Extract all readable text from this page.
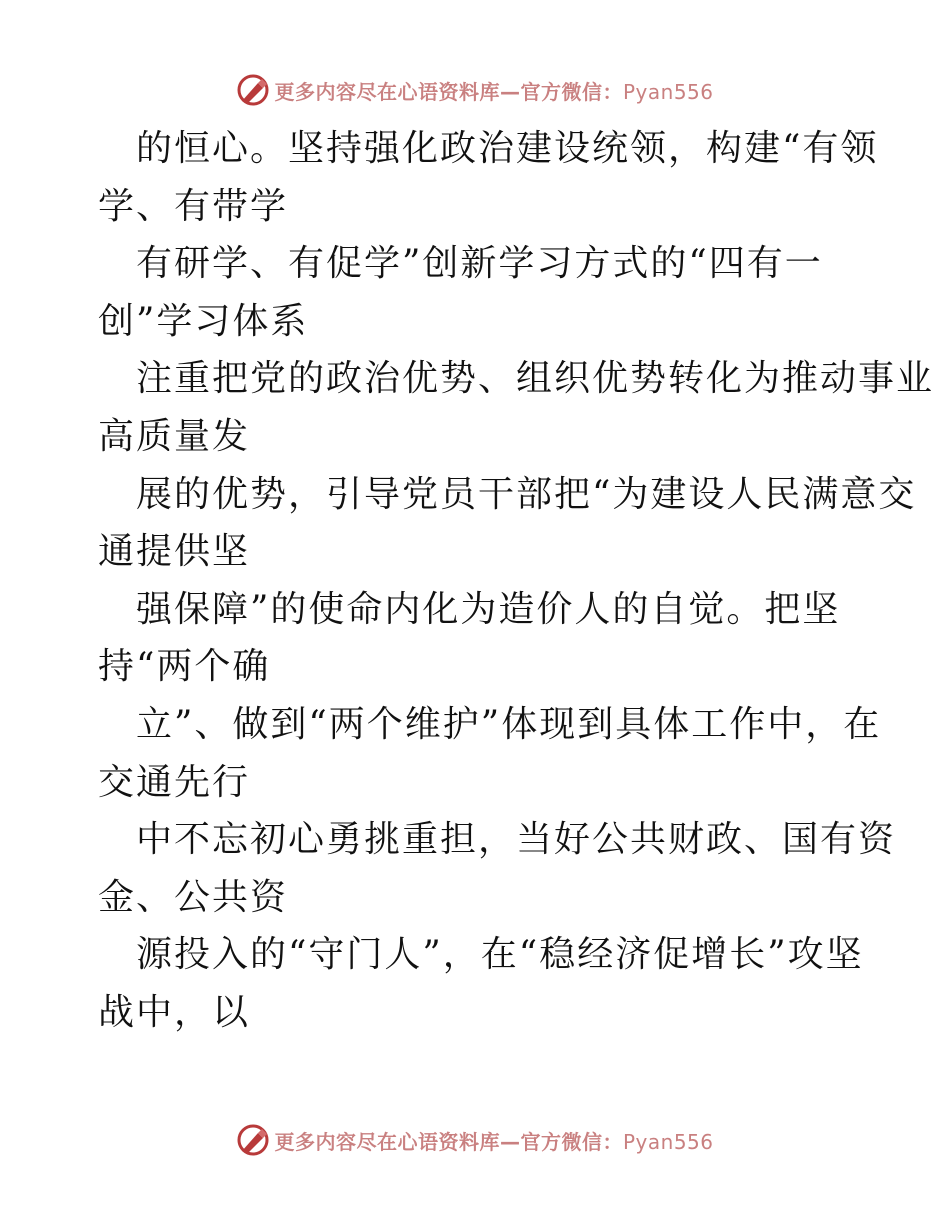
更多内容尽在心语资料库—官方微信：Pyan556
的恒心。坚持强化政治建设统领，构建“有领
学、有带学
有研学、有促学”创新学习方式的“四有一
创”学习体系
注重把党的政治优势、组织优势转化为推动事业
高质量发
展的优势，引导党员干部把“为建设人民满意交
通提供坚
强保障”的使命内化为造价人的自觉。把坚
持“两个确
立”、做到“两个维护”体现到具体工作中，在
交通先行
中不忘初心勇挑重担，当好公共财政、国有资
金、公共资
源投入的“守门人”，在“稳经济促增长”攻坚
战中，以
更多内容尽在心语资料库—官方微信：Pyan556
